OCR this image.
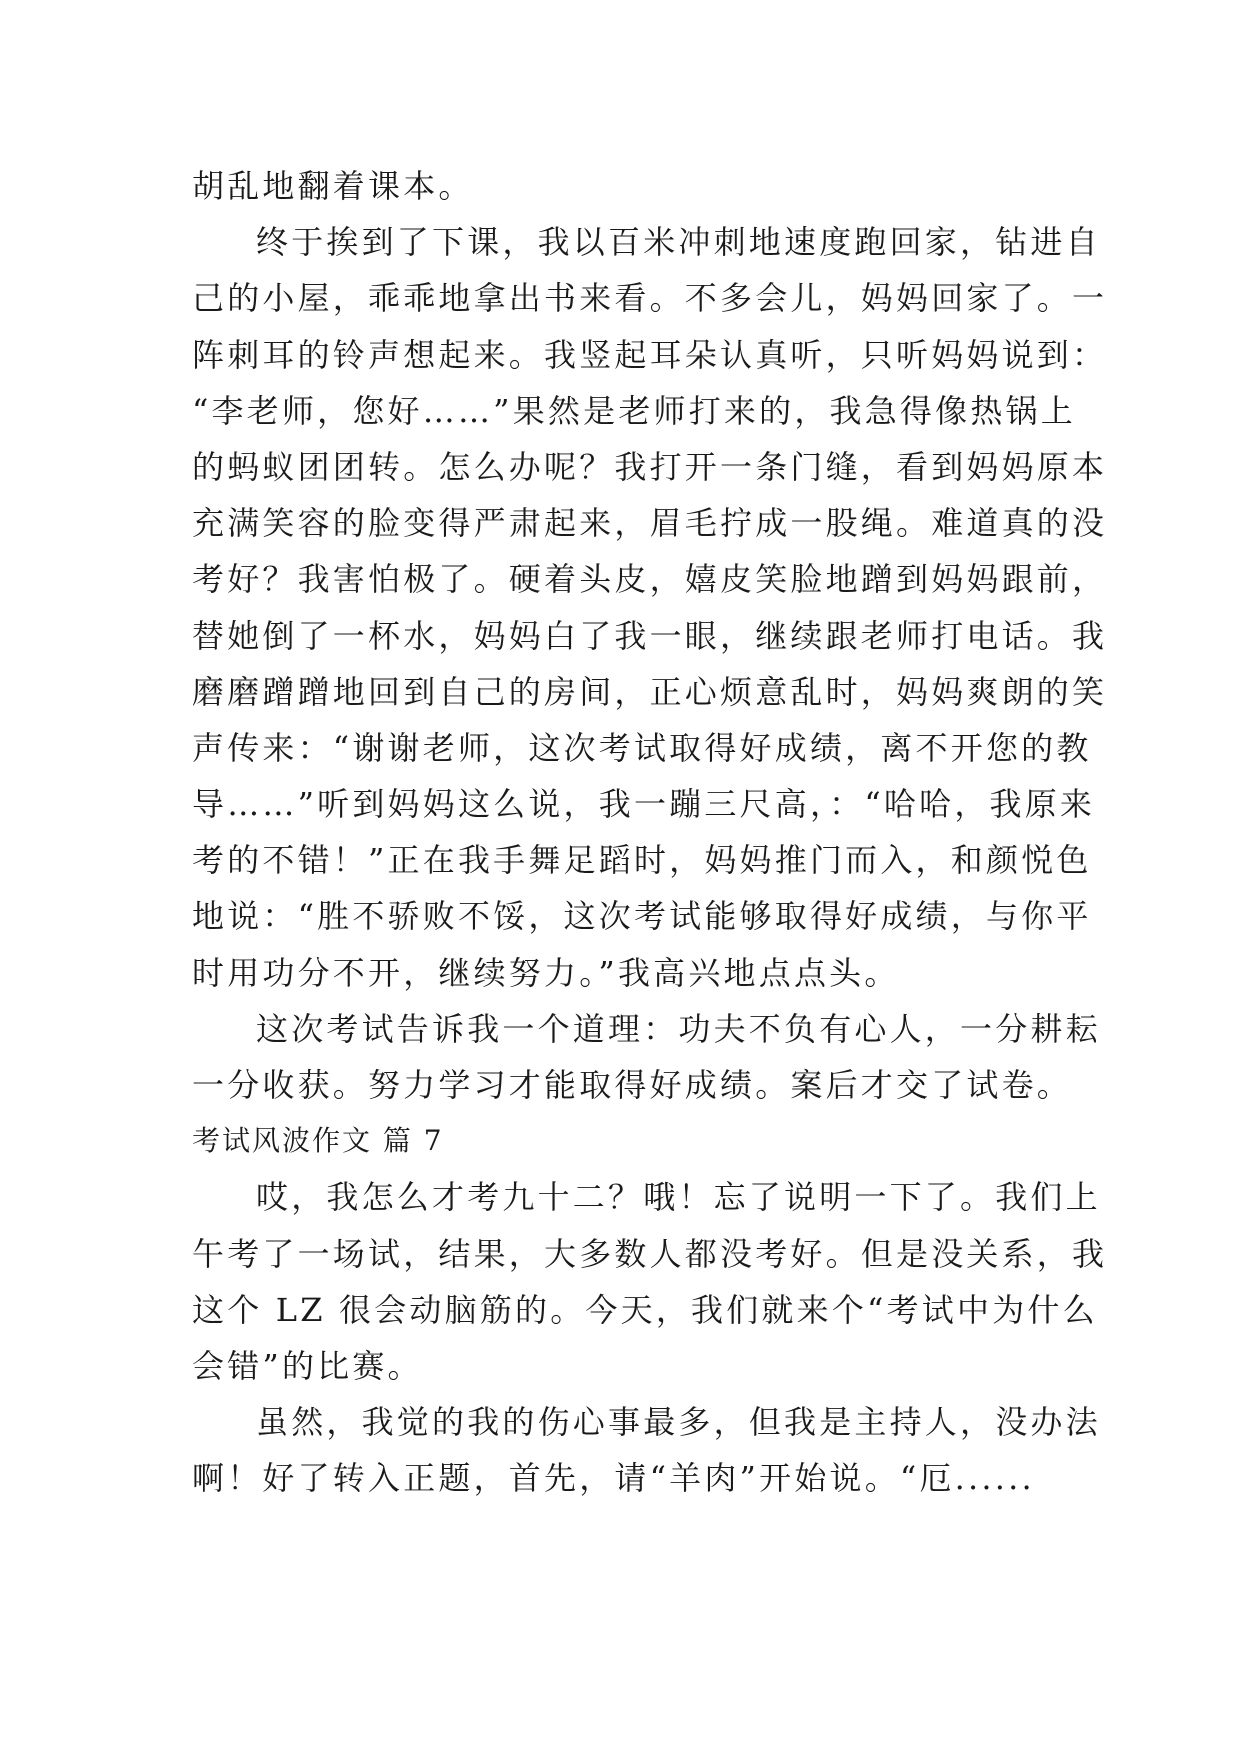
胡乱地翻着课本。
终于挨到了下课，我以百米冲刺地速度跑回家，钻进自
己的小屋，乖乖地拿出书来看。不多会儿，妈妈回家了。一
阵刺耳的铃声想起来。我竖起耳朵认真听，只听妈妈说到：
“李老师，您好……”果然是老师打来的，我急得像热锅上
的蚂蚁团团转。怎么办呢？我打开一条门缝，看到妈妈原本
充满笑容的脸变得严肃起来，眉毛拧成一股绳。难道真的没
考好？我害怕极了。硬着头皮，嬉皮笑脸地蹭到妈妈跟前，
替她倒了一杯水，妈妈白了我一眼，继续跟老师打电话。我
磨磨蹭蹭地回到自己的房间，正心烦意乱时，妈妈爽朗的笑
声传来：“谢谢老师，这次考试取得好成绩，离不开您的教
导……”听到妈妈这么说，我一蹦三尺高，：“哈哈，我原来
考的不错！”正在我手舞足蹈时，妈妈推门而入，和颜悦色
地说：“胜不骄败不馁，这次考试能够取得好成绩，与你平
时用功分不开，继续努力。”我高兴地点点头。
这次考试告诉我一个道理：功夫不负有心人，一分耕耘
一分收获。努力学习才能取得好成绩。案后才交了试卷。
考试风波作文 篇 7
哎，我怎么才考九十二？哦！忘了说明一下了。我们上
午考了一场试，结果，大多数人都没考好。但是没关系，我
这个 LZ 很会动脑筋的。今天，我们就来个“考试中为什么
会错”的比赛。
虽然，我觉的我的伤心事最多，但我是主持人，没办法
啊！好了转入正题，首先，请“羊肉”开始说。“厄......
